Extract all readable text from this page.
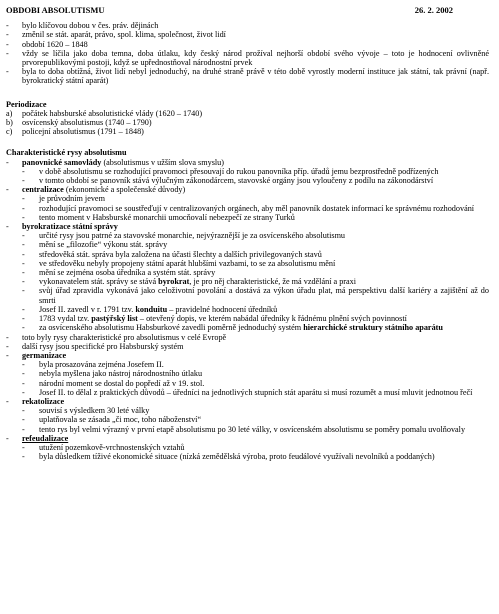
OBDOBI ABSOLUTISMU	26. 2. 2002
-	bylo klíčovou dobou v čes. práv. dějinách
-	změnil se stát. aparát, právo, spol. klima, společnost, život lidí
-	období 1620 – 1848
-	vždy se líčila jako doba temna, doba útlaku, kdy český národ prožíval nejhorší období svého vývoje – toto je hodnocení ovlivněné prvorepublikovými postoji, když se upřednostňoval národnostní prvek
-	byla to doba obtížná, život lidí nebyl jednoduchý, na druhé straně právě v této době vyrostly moderní instituce jak státní, tak právní (např. byrokratický státní aparát)
Periodizace
a)	počátek habsburské absolutistické vlády (1620 – 1740)
b)	osvícenský absolutismus (1740 – 1790)
c)	policejní absolutismus (1791 – 1848)
Charakteristické rysy absolutismu
-	panovnické samovlády (absolutismus v užším slova smyslu)
-	v době absolutismu se rozhodující pravomoci přesouvají do rukou panovníka příp. úřadů jemu bezprostředně podřízených
-	v tomto období se panovník stává výlučným zákonodárcem, stavovské orgány jsou vyloučeny z podílu na zákonodárství
-	centralizace (ekonomické a společenské důvody)
-	je průvodním jevem
-	rozhodující pravomoci se soustřeďují v centralizovaných orgánech, aby měl panovník dostatek informací ke správnému rozhodování
-	tento moment v Habsburské monarchii umocňovalí nebezpečí ze strany Turků
-	byrokratizace státní správy
-	určité rysy jsou patrné za stavovské monarchie, nejvýraznější je za osvícenského absolutismu
-	mění se „filozofie“ výkonu stát. správy
-	středověká stát. správa byla založena na účasti šlechty a dalších privilegovaných stavů
-	ve středověku nebyly propojeny státní aparát hlubšími vazbami, to se za absolutismu mění
-	mění se zejména osoba úředníka a systém stát. správy
-	vykonavatelem stát. správy se stává byrokrat, je pro něj charakteristické, že má vzdělání a praxi
-	svůj úřad zpravidla vykonává jako celoživotní povolání a dostává za výkon úřadu plat, má perspektivu další kariéry a zajištění až do smrti
-	Josef II. zavedl v r. 1791 tzv. konduitu – pravidelné hodnocení úředníků
-	1783 vydal tzv. pastýřský list – otevřený dopis, ve kterém nabádal úředníky k řádnému plnění svých povinností
-	za osvícenského absolutismu Habsburkové zavedli poměrně jednoduchý systém hierarchické struktury státního aparátu
-	toto byly rysy charakteristické pro absolutismus v celé Evropě
-	další rysy jsou specifické pro Habsburský systém
-	germanizace
-	byla prosazována zejména Josefem II.
-	nebyla myšlena jako nástroj národnostního útlaku
-	národní moment se dostal do popředí až v 19. stol.
-	Josef II. to dělal z praktických důvodů – úředníci na jednotlivých stupních stát aparátu si musí rozumět a musí mluvit jednotnou řečí
-	rekatolizace
-	souvisí s výsledkem 30 leté války
-	uplatňovala se zásada „či moc, toho náboženství“
-	tento rys byl velmi výrazný v první etapě absolutismu po 30 leté války, v osvícenském absolutismu se poměry pomalu uvolňovaly
-	refeudalizace
-	utužení pozemkově-vrchnostenských vztahů
-	byla důsledkem tíživé ekonomické situace (nízká zemědělská výroba, proto feudálové využívali nevolníků a poddaných)
